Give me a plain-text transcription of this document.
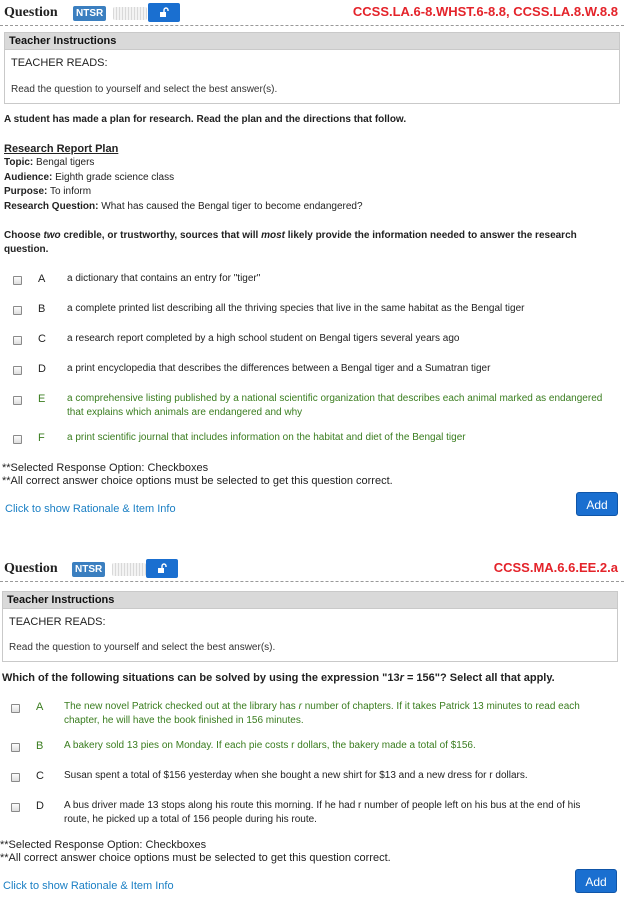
Question	NTSR	CCSS.LA.6-8.WHST.6-8.8, CCSS.LA.8.W.8.8
Teacher Instructions
TEACHER READS:
Read the question to yourself and select the best answer(s).
A student has made a plan for research. Read the plan and the directions that follow.
Research Report Plan
Topic: Bengal tigers
Audience: Eighth grade science class
Purpose: To inform
Research Question: What has caused the Bengal tiger to become endangered?
Choose two credible, or trustworthy, sources that will most likely provide the information needed to answer the research question.
A a dictionary that contains an entry for "tiger"
B a complete printed list describing all the thriving species that live in the same habitat as the Bengal tiger
C a research report completed by a high school student on Bengal tigers several years ago
D a print encyclopedia that describes the differences between a Bengal tiger and a Sumatran tiger
E a comprehensive listing published by a national scientific organization that describes each animal marked as endangered that explains which animals are endangered and why
F a print scientific journal that includes information on the habitat and diet of the Bengal tiger
**Selected Response Option: Checkboxes
**All correct answer choice options must be selected to get this question correct.
Click to show Rationale & Item Info	Add
Question	NTSR	CCSS.MA.6.6.EE.2.a
Teacher Instructions
TEACHER READS:
Read the question to yourself and select the best answer(s).
Which of the following situations can be solved by using the expression "13r = 156"? Select all that apply.
A The new novel Patrick checked out at the library has r number of chapters. If it takes Patrick 13 minutes to read each chapter, he will have the book finished in 156 minutes.
B A bakery sold 13 pies on Monday. If each pie costs r dollars, the bakery made a total of $156.
C Susan spent a total of $156 yesterday when she bought a new shirt for $13 and a new dress for r dollars.
D A bus driver made 13 stops along his route this morning. If he had r number of people left on his bus at the end of his route, he picked up a total of 156 people during his route.
**Selected Response Option: Checkboxes
**All correct answer choice options must be selected to get this question correct.
Click to show Rationale & Item Info	Add
